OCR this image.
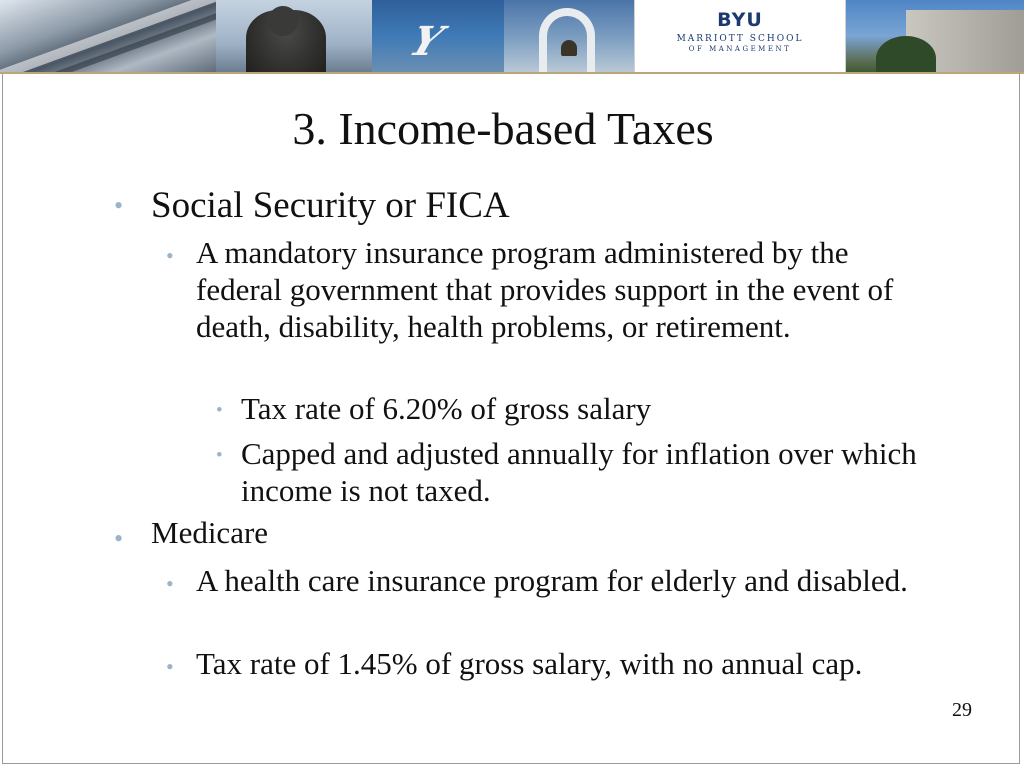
Y	BYU
MARRIOTT SCHOOL
OF MANAGEMENT
3. Income-based Taxes
• Social Security or FICA
• A mandatory insurance program administered by the federal government that provides support in the event of death, disability, health problems, or retirement.
• Tax rate of 6.20% of gross salary
• Capped and adjusted annually for inflation over which income is not taxed.
• Medicare
• A health care insurance program for elderly and disabled.
• Tax rate of 1.45% of gross salary, with no annual cap.
29
